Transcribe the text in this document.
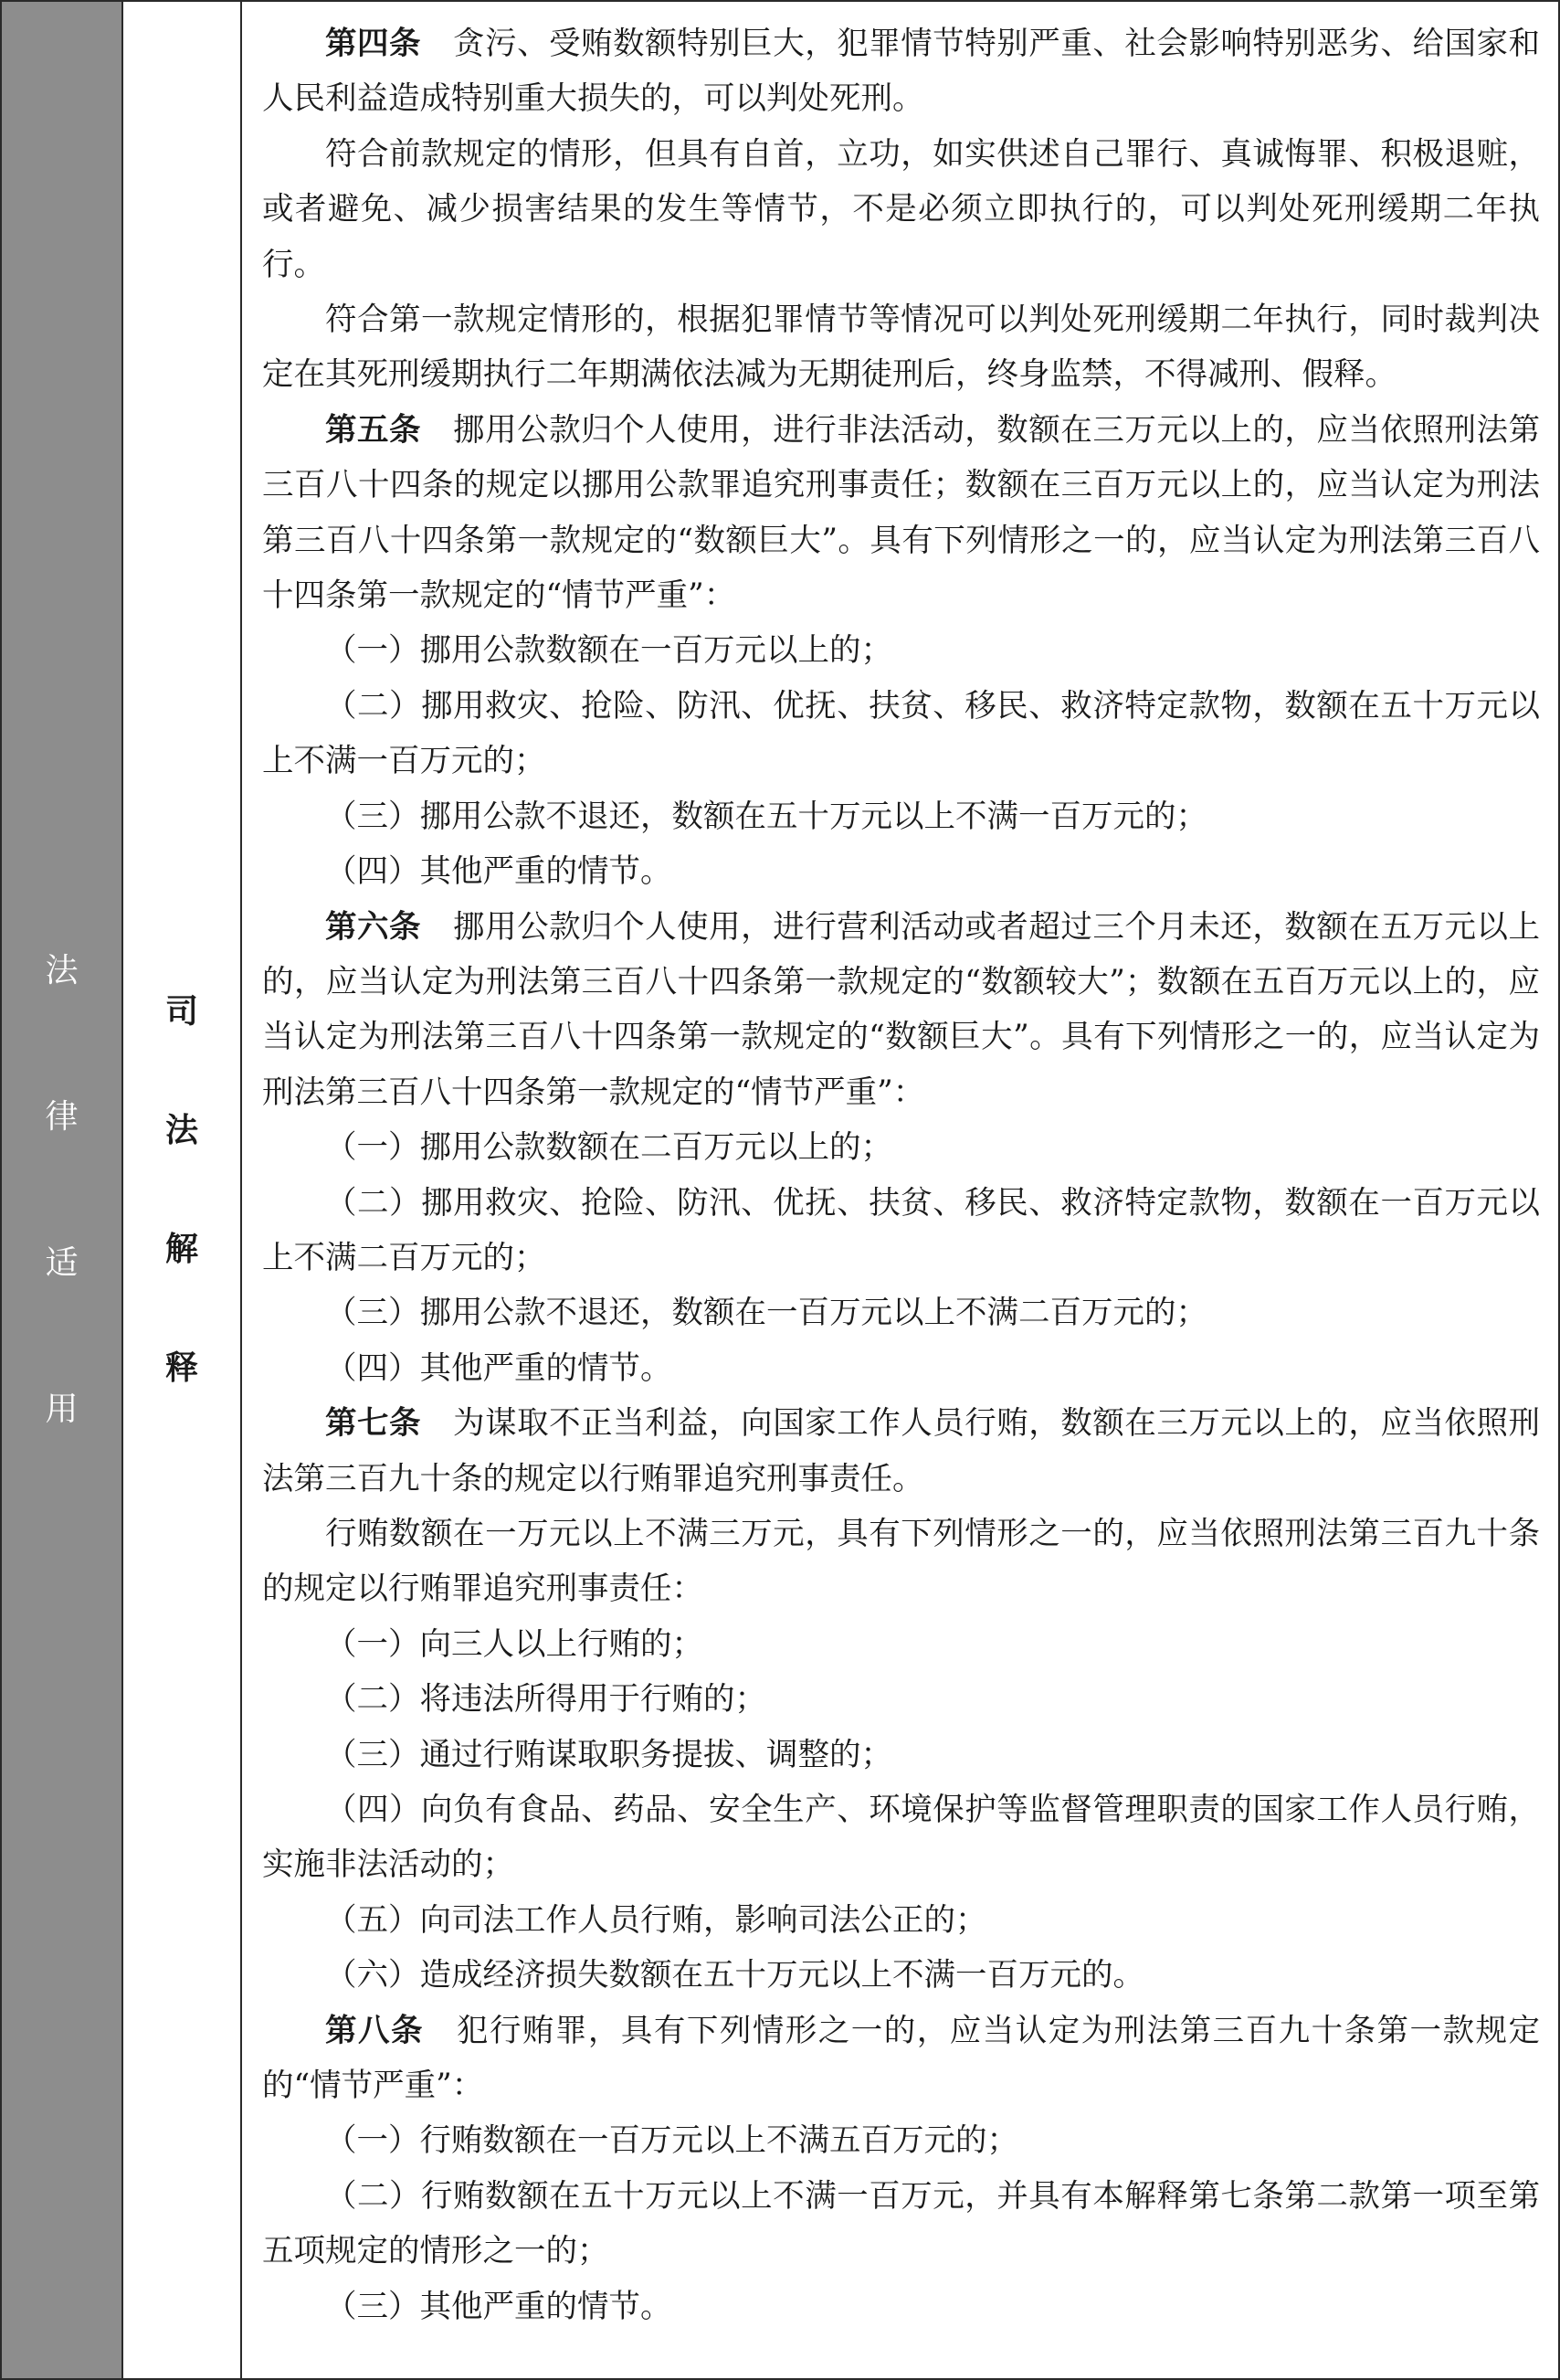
法
律
适
用
司
法
解
释

第四条 贪污、受贿数额特别巨大，犯罪情节特别严重、社会影响特别恶劣、给国家和人民利益造成特别重大损失的，可以判处死刑。

符合前款规定的情形，但具有自首，立功，如实供述自己罪行、真诚悔罪、积极退赃，或者避免、减少损害结果的发生等情节，不是必须立即执行的，可以判处死刑缓期二年执行。

符合第一款规定情形的，根据犯罪情节等情况可以判处死刑缓期二年执行，同时裁判决定在其死刑缓期执行二年期满依法减为无期徒刑后，终身监禁，不得减刑、假释。

第五条 挪用公款归个人使用，进行非法活动，数额在三万元以上的，应当依照刑法第三百八十四条的规定以挪用公款罪追究刑事责任；数额在三百万元以上的，应当认定为刑法第三百八十四条第一款规定的“数额巨大”。具有下列情形之一的，应当认定为刑法第三百八十四条第一款规定的“情节严重”：

（一）挪用公款数额在一百万元以上的；

（二）挪用救灾、抢险、防汛、优抚、扶贫、移民、救济特定款物，数额在五十万元以上不满一百万元的；

（三）挪用公款不退还，数额在五十万元以上不满一百万元的；

（四）其他严重的情节。

第六条 挪用公款归个人使用，进行营利活动或者超过三个月未还，数额在五万元以上的，应当认定为刑法第三百八十四条第一款规定的“数额较大”；数额在五百万元以上的，应当认定为刑法第三百八十四条第一款规定的“数额巨大”。具有下列情形之一的，应当认定为刑法第三百八十四条第一款规定的“情节严重”：

（一）挪用公款数额在二百万元以上的；

（二）挪用救灾、抢险、防汛、优抚、扶贫、移民、救济特定款物，数额在一百万元以上不满二百万元的；

（三）挪用公款不退还，数额在一百万元以上不满二百万元的；

（四）其他严重的情节。

第七条 为谋取不正当利益，向国家工作人员行贿，数额在三万元以上的，应当依照刑法第三百九十条的规定以行贿罪追究刑事责任。

行贿数额在一万元以上不满三万元，具有下列情形之一的，应当依照刑法第三百九十条的规定以行贿罪追究刑事责任：

（一）向三人以上行贿的；

（二）将违法所得用于行贿的；

（三）通过行贿谋取职务提拔、调整的；

（四）向负有食品、药品、安全生产、环境保护等监督管理职责的国家工作人员行贿，实施非法活动的；

（五）向司法工作人员行贿，影响司法公正的；

（六）造成经济损失数额在五十万元以上不满一百万元的。

第八条 犯行贿罪，具有下列情形之一的，应当认定为刑法第三百九十条第一款规定的“情节严重”：

（一）行贿数额在一百万元以上不满五百万元的；

（二）行贿数额在五十万元以上不满一百万元，并具有本解释第七条第二款第一项至第五项规定的情形之一的；

（三）其他严重的情节。
